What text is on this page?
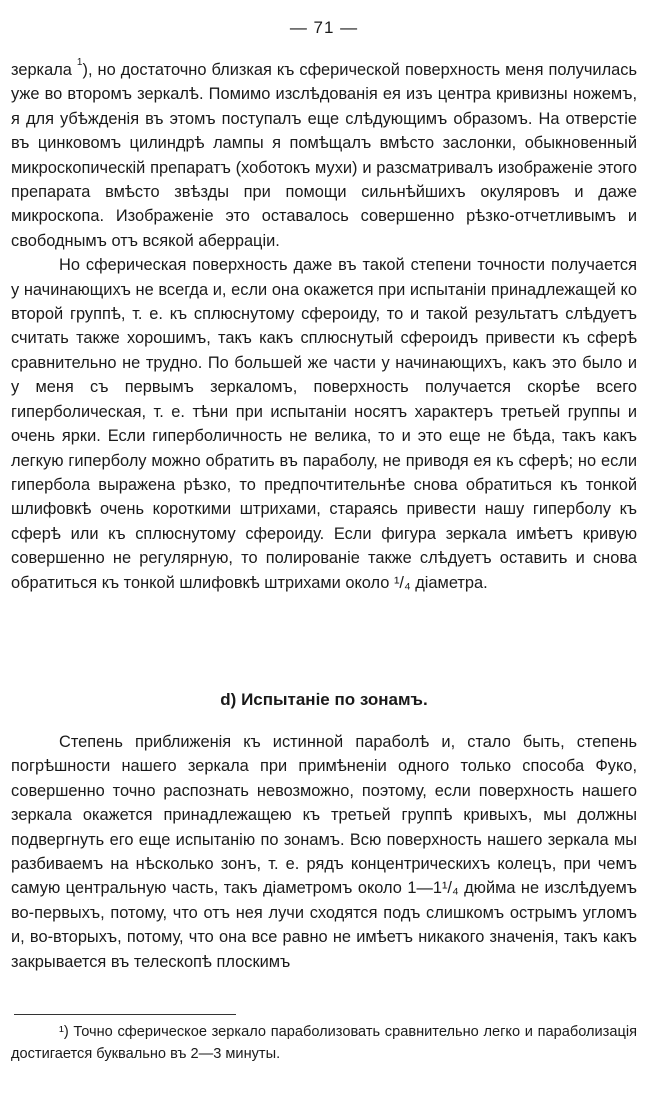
— 71 —

зеркала $^1$), но достаточно близкая къ сферической поверхность меня получилась уже во второмъ зеркалѣ. Помимо изслѣдованія ея изъ центра кривизны ножемъ, я для убѣжденія въ этомъ поступалъ еще слѣдующимъ образомъ. На отверстіе въ цинковомъ цилиндрѣ лампы я помѣщалъ вмѣсто заслонки, обыкновенный микроскопическій препаратъ (хоботокъ мухи) и разсматривалъ изображеніе этого препарата вмѣсто звѣзды при помощи сильнѣйшихъ окуляровъ и даже микроскопа. Изображеніе это оставалось совершенно рѣзко-отчетливымъ и свободнымъ отъ всякой аберраціи.

Но сферическая поверхность даже въ такой степени точности получается у начинающихъ не всегда и, если она окажется при испытаніи принадлежащей ко второй группѣ, т. е. къ сплюснутому сфероиду, то и такой результатъ слѣдуетъ считать также хорошимъ, такъ какъ сплюснутый сфероидъ привести къ сферѣ сравнительно не трудно. По большей же части у начинающихъ, какъ это было и у меня съ первымъ зеркаломъ, поверхность получается скорѣе всего гиперболическая, т. е. тѣни при испытаніи носятъ характеръ третьей группы и очень ярки. Если гиперболичность не велика, то и это еще не бѣда, такъ какъ легкую гиперболу можно обратить въ параболу, не приводя ея къ сферѣ; но если гипербола выражена рѣзко, то предпочтительнѣе снова обратиться къ тонкой шлифовкѣ очень короткими штрихами, стараясь привести нашу гиперболу къ сферѣ или къ сплюснутому сфероиду. Если фигура зеркала имѣетъ кривую совершенно не регулярную, то полированіе также слѣдуетъ оставить и снова обратиться къ тонкой шлифовкѣ штрихами около ¹/₄ діаметра.

d) Испытаніе по зонамъ.

Степень приближенія къ истинной параболѣ и, стало быть, степень погрѣшности нашего зеркала при примѣненіи одного только способа Фуко, совершенно точно распознать невозможно, поэтому, если поверхность нашего зеркала окажется принадлежащею къ третьей группѣ кривыхъ, мы должны подвергнуть его еще испытанію по зонамъ. Всю поверхность нашего зеркала мы разбиваемъ на нѣсколько зонъ, т. е. рядъ концентрическихъ колецъ, при чемъ самую центральную часть, такъ діаметромъ около 1—1¹/₄ дюйма не изслѣдуемъ во-первыхъ, потому, что отъ нея лучи сходятся подъ слишкомъ острымъ угломъ и, во-вторыхъ, потому, что она все равно не имѣетъ никакого значенія, такъ какъ закрывается въ телескопѣ плоскимъ

¹) Точно сферическое зеркало параболизовать сравнительно легко и параболизація достигается буквально въ 2—3 минуты.
